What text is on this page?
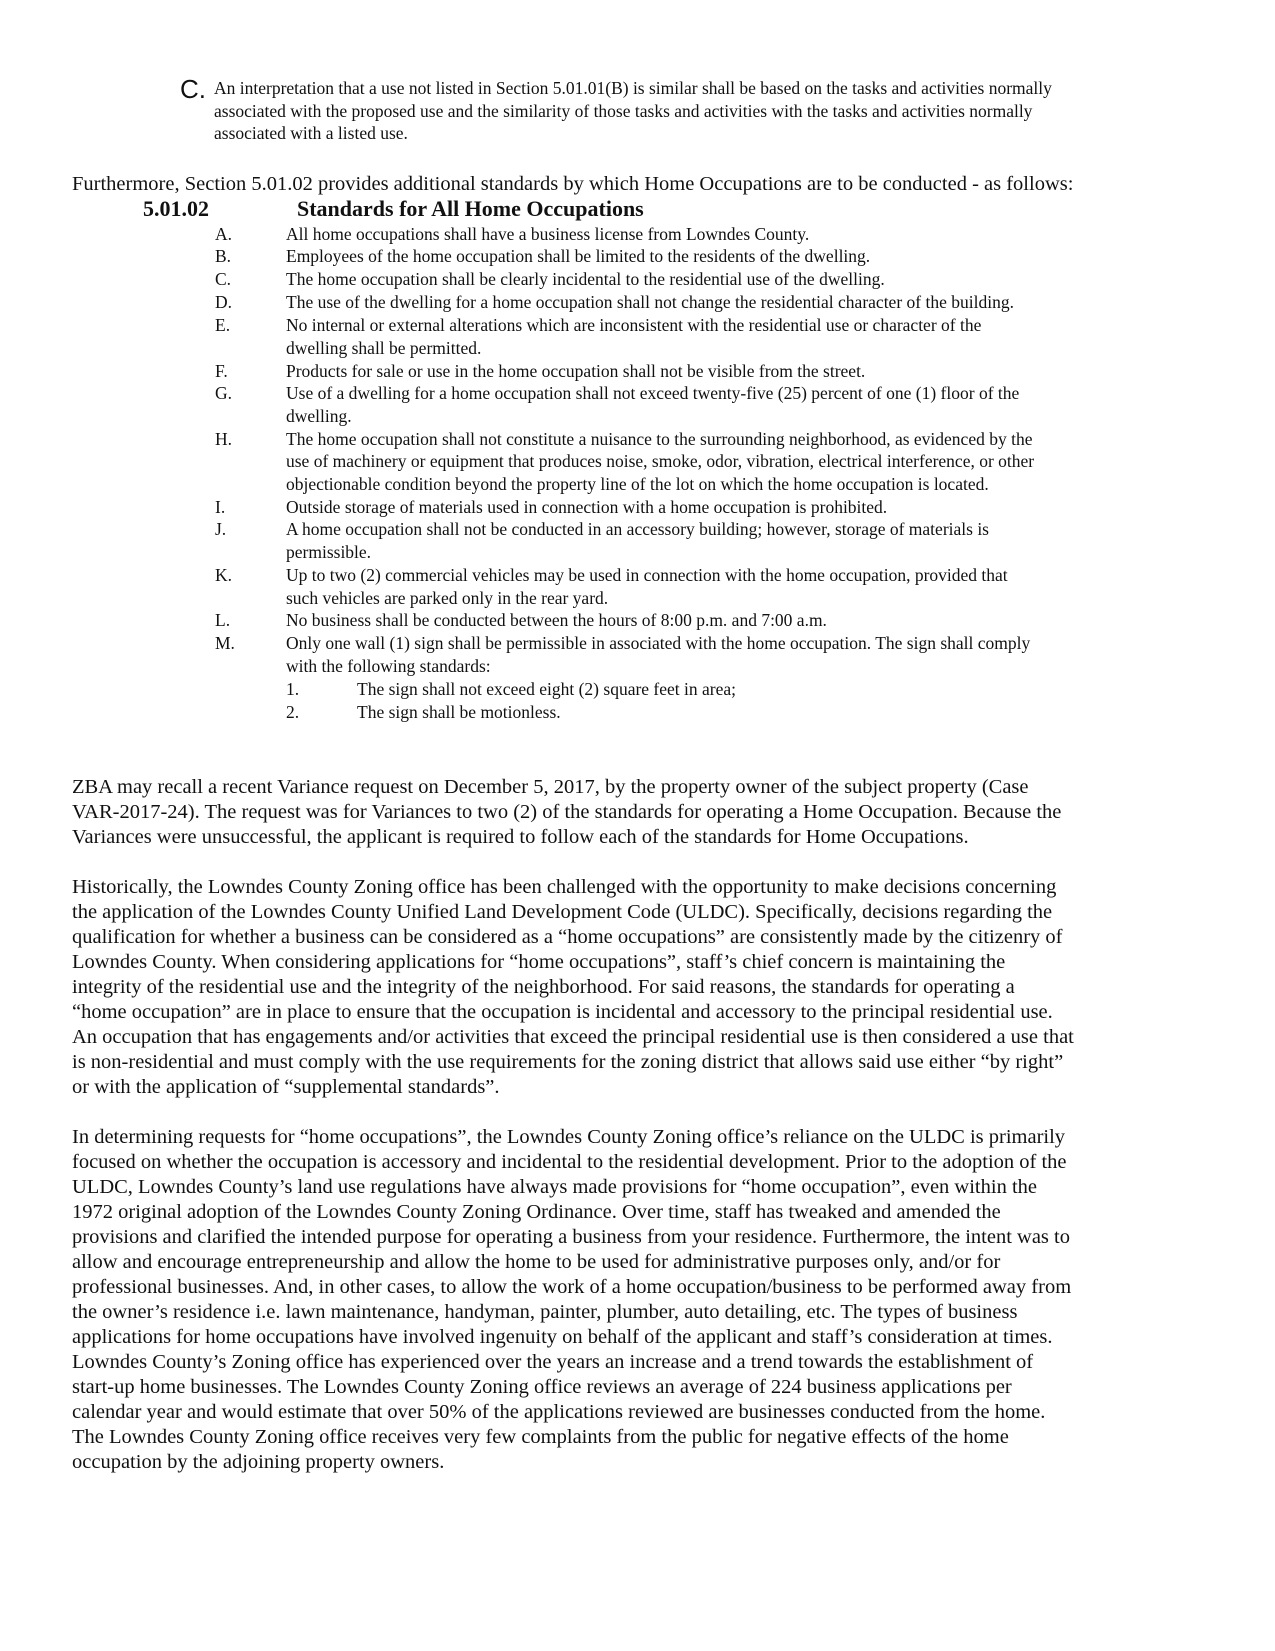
C. An interpretation that a use not listed in Section 5.01.01(B) is similar shall be based on the tasks and activities normally
associated with the proposed use and the similarity of those tasks and activities with the tasks and activities normally
associated with a listed use.
Furthermore, Section 5.01.02 provides additional standards by which Home Occupations are to be conducted - as follows:
5.01.02	Standards for All Home Occupations
A.	All home occupations shall have a business license from Lowndes County.
B.	Employees of the home occupation shall be limited to the residents of the dwelling.
C.	The home occupation shall be clearly incidental to the residential use of the dwelling.
D.	The use of the dwelling for a home occupation shall not change the residential character of the building.
E.	No internal or external alterations which are inconsistent with the residential use or character of the
dwelling shall be permitted.
F.	Products for sale or use in the home occupation shall not be visible from the street.
G.	Use of a dwelling for a home occupation shall not exceed twenty-five (25) percent of one (1) floor of the
dwelling.
H.	The home occupation shall not constitute a nuisance to the surrounding neighborhood, as evidenced by the
use of machinery or equipment that produces noise, smoke, odor, vibration, electrical interference, or other
objectionable condition beyond the property line of the lot on which the home occupation is located.
I.	Outside storage of materials used in connection with a home occupation is prohibited.
J.	A home occupation shall not be conducted in an accessory building; however, storage of materials is
permissible.
K.	Up to two (2) commercial vehicles may be used in connection with the home occupation, provided that
such vehicles are parked only in the rear yard.
L.	No business shall be conducted between the hours of 8:00 p.m. and 7:00 a.m.
M.	Only one wall (1) sign shall be permissible in associated with the home occupation. The sign shall comply
with the following standards:
1.	The sign shall not exceed eight (2) square feet in area;
2.	The sign shall be motionless.
ZBA may recall a recent Variance request on December 5, 2017, by the property owner of the subject property (Case
VAR-2017-24). The request was for Variances to two (2) of the standards for operating a Home Occupation. Because the
Variances were unsuccessful, the applicant is required to follow each of the standards for Home Occupations.
Historically, the Lowndes County Zoning office has been challenged with the opportunity to make decisions concerning
the application of the Lowndes County Unified Land Development Code (ULDC). Specifically, decisions regarding the
qualification for whether a business can be considered as a “home occupations” are consistently made by the citizenry of
Lowndes County. When considering applications for “home occupations”, staff’s chief concern is maintaining the
integrity of the residential use and the integrity of the neighborhood. For said reasons, the standards for operating a
“home occupation” are in place to ensure that the occupation is incidental and accessory to the principal residential use.
An occupation that has engagements and/or activities that exceed the principal residential use is then considered a use that
is non-residential and must comply with the use requirements for the zoning district that allows said use either “by right”
or with the application of “supplemental standards”.
In determining requests for “home occupations”, the Lowndes County Zoning office’s reliance on the ULDC is primarily
focused on whether the occupation is accessory and incidental to the residential development. Prior to the adoption of the
ULDC, Lowndes County’s land use regulations have always made provisions for “home occupation”, even within the
1972 original adoption of the Lowndes County Zoning Ordinance. Over time, staff has tweaked and amended the
provisions and clarified the intended purpose for operating a business from your residence. Furthermore, the intent was to
allow and encourage entrepreneurship and allow the home to be used for administrative purposes only, and/or for
professional businesses. And, in other cases, to allow the work of a home occupation/business to be performed away from
the owner’s residence i.e. lawn maintenance, handyman, painter, plumber, auto detailing, etc. The types of business
applications for home occupations have involved ingenuity on behalf of the applicant and staff’s consideration at times.
Lowndes County’s Zoning office has experienced over the years an increase and a trend towards the establishment of
start-up home businesses. The Lowndes County Zoning office reviews an average of 224 business applications per
calendar year and would estimate that over 50% of the applications reviewed are businesses conducted from the home.
The Lowndes County Zoning office receives very few complaints from the public for negative effects of the home
occupation by the adjoining property owners.
